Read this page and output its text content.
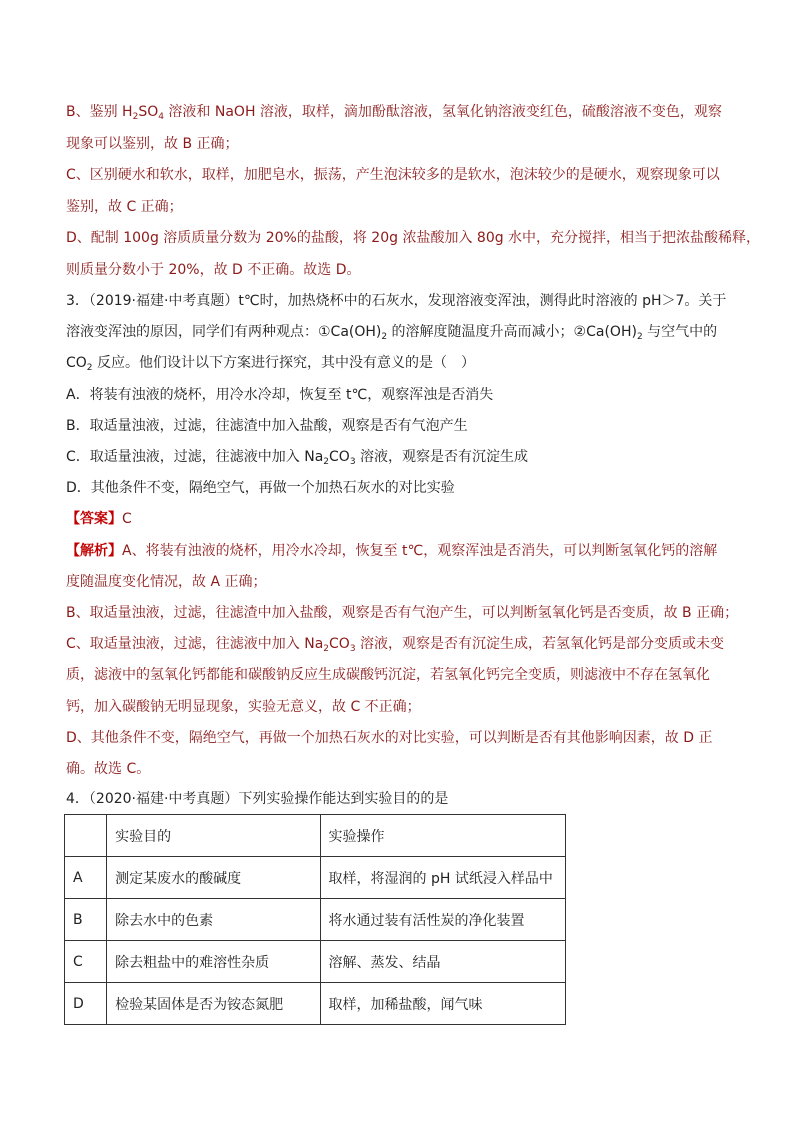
B、鉴别 $H_2SO_4$ 溶液和 NaOH 溶液，取样，滴加酚酞溶液，氢氧化钠溶液变红色，硫酸溶液不变色，观察
现象可以鉴别，故 B 正确；
C、区别硬水和软水，取样，加肥皂水，振荡，产生泡沫较多的是软水，泡沫较少的是硬水，观察现象可以
鉴别，故 C 正确；
D、配制 100g 溶质质量分数为 20%的盐酸，将 20g 浓盐酸加入 80g 水中，充分搅拌，相当于把浓盐酸稀释，
则质量分数小于 20%，故 D 不正确。故选 D。
3．（2019·福建·中考真题）t℃时，加热烧杯中的石灰水，发现溶液变浑浊，测得此时溶液的 pH＞7。关于
溶液变浑浊的原因，同学们有两种观点：$①Ca(OH)_2$ 的溶解度随温度升高而减小；$②Ca(OH)_2$ 与空气中的
$CO_2$ 反应。他们设计以下方案进行探究，其中没有意义的是（　）
A．将装有浊液的烧杯，用冷水冷却，恢复至 t℃，观察浑浊是否消失
B．取适量浊液，过滤，往滤渣中加入盐酸，观察是否有气泡产生
C．取适量浊液，过滤，往滤液中加入 $Na_2CO_3$ 溶液，观察是否有沉淀生成
D．其他条件不变，隔绝空气，再做一个加热石灰水的对比实验
【答案】C
【解析】A、将装有浊液的烧杯，用冷水冷却，恢复至 t℃，观察浑浊是否消失，可以判断氢氧化钙的溶解
度随温度变化情况，故 A 正确；
B、取适量浊液，过滤，往滤渣中加入盐酸，观察是否有气泡产生，可以判断氢氧化钙是否变质，故 B 正确；
C、取适量浊液，过滤，往滤液中加入 $Na_2CO_3$ 溶液，观察是否有沉淀生成，若氢氧化钙是部分变质或未变
质，滤液中的氢氧化钙都能和碳酸钠反应生成碳酸钙沉淀，若氢氧化钙完全变质，则滤液中不存在氢氧化
钙，加入碳酸钠无明显现象，实验无意义，故 C 不正确；
D、其他条件不变，隔绝空气，再做一个加热石灰水的对比实验，可以判断是否有其他影响因素，故 D 正
确。故选 C。
4．（2020·福建·中考真题）下列实验操作能达到实验目的的是
	实验目的	实验操作
A	测定某废水的酸碱度	取样，将湿润的 pH 试纸浸入样品中
B	除去水中的色素	将水通过装有活性炭的净化装置
C	除去粗盐中的难溶性杂质	溶解、蒸发、结晶
D	检验某固体是否为铵态氮肥	取样，加稀盐酸，闻气味
